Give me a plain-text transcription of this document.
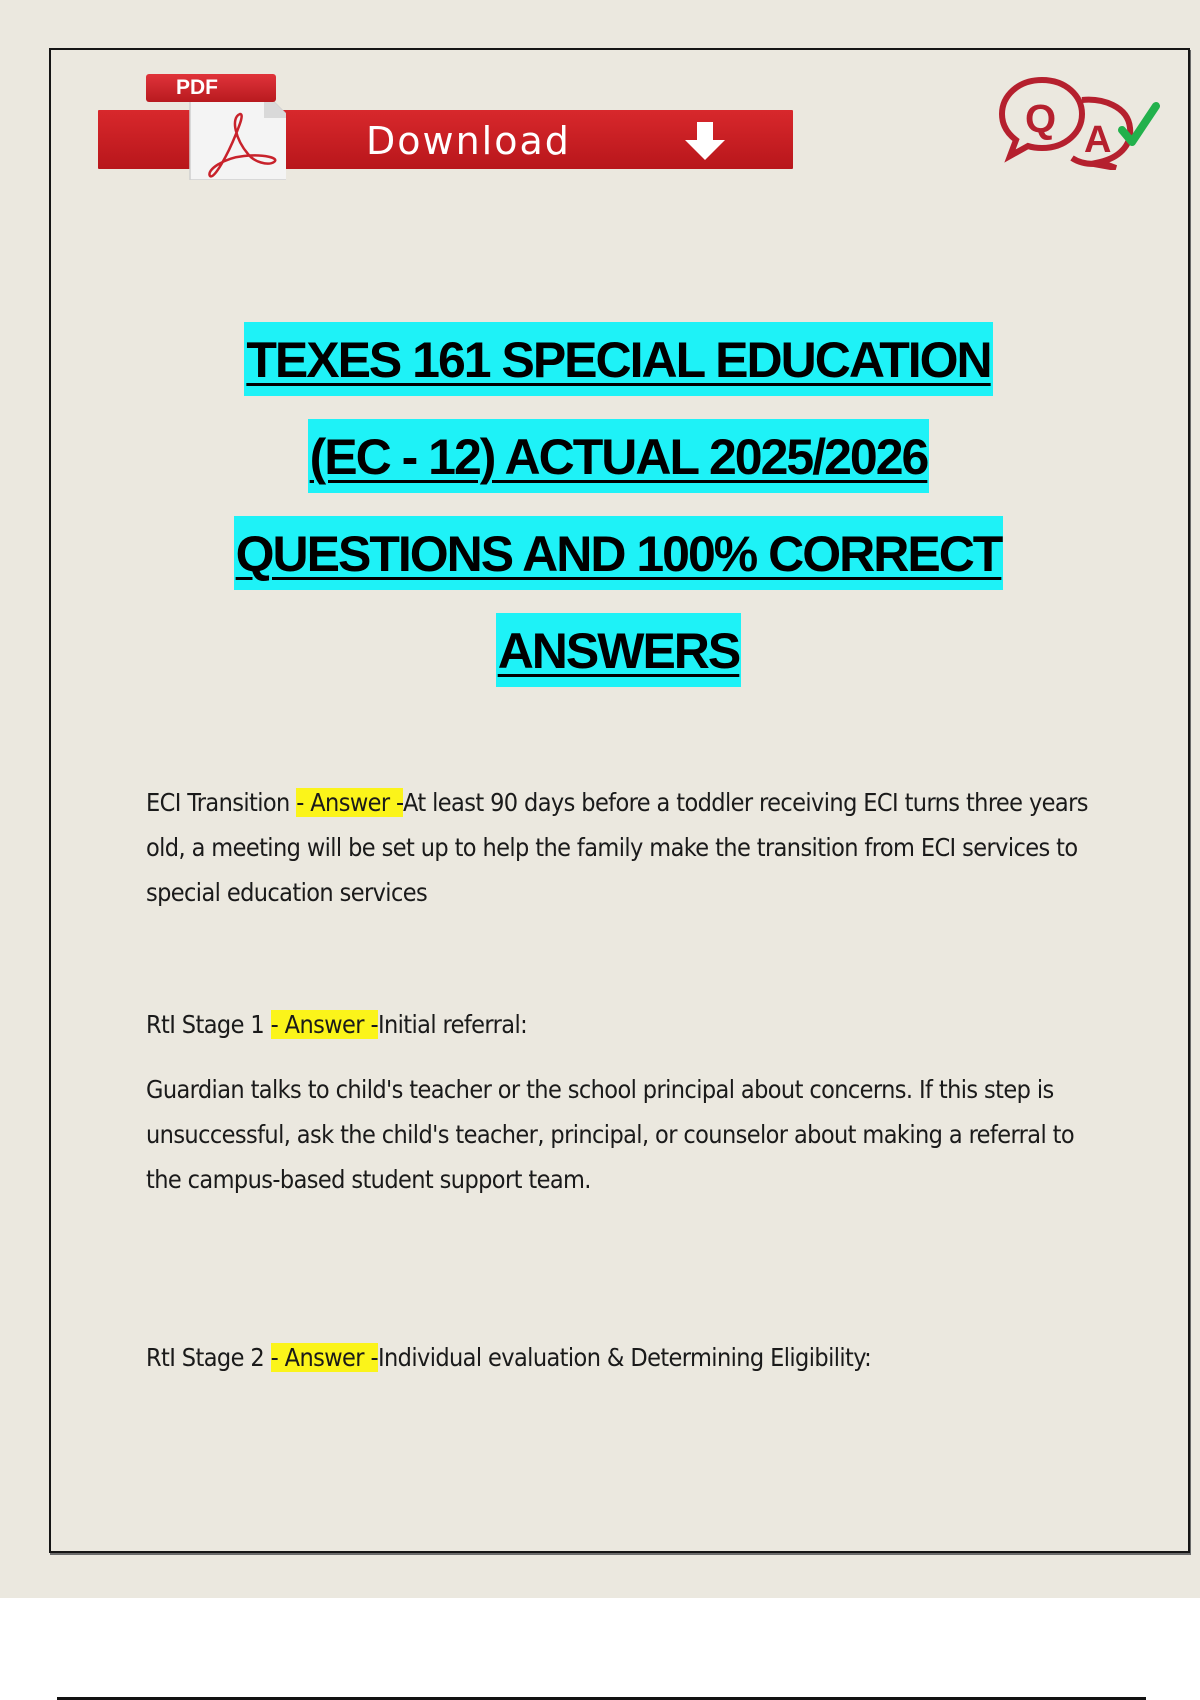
PDF
Download	Q A
TEXES 161 SPECIAL EDUCATION
(EC - 12) ACTUAL 2025/2026
QUESTIONS AND 100% CORRECT
ANSWERS
ECI Transition - Answer -At least 90 days before a toddler receiving ECI turns three years old, a meeting will be set up to help the family make the transition from ECI services to special education services
RtI Stage 1 - Answer -Initial referral:
Guardian talks to child's teacher or the school principal about concerns. If this step is unsuccessful, ask the child's teacher, principal, or counselor about making a referral to the campus-based student support team.
RtI Stage 2 - Answer -Individual evaluation & Determining Eligibility:
